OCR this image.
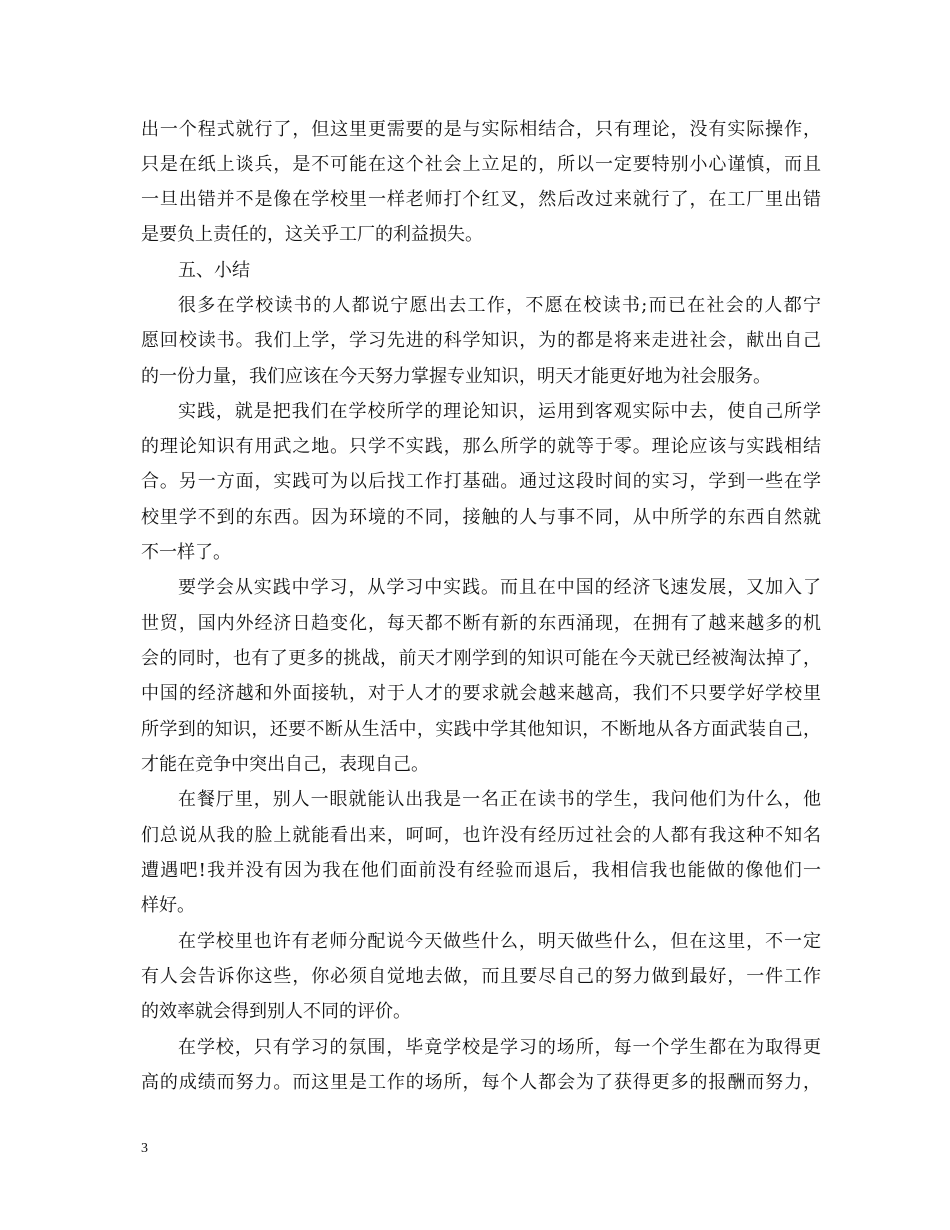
出一个程式就行了，但这里更需要的是与实际相结合，只有理论，没有实际操作，
只是在纸上谈兵，是不可能在这个社会上立足的，所以一定要特别小心谨慎，而且
一旦出错并不是像在学校里一样老师打个红叉，然后改过来就行了，在工厂里出错
是要负上责任的，这关乎工厂的利益损失。
五、小结
很多在学校读书的人都说宁愿出去工作，不愿在校读书;而已在社会的人都宁
愿回校读书。我们上学，学习先进的科学知识，为的都是将来走进社会，献出自己
的一份力量，我们应该在今天努力掌握专业知识，明天才能更好地为社会服务。
实践，就是把我们在学校所学的理论知识，运用到客观实际中去，使自己所学
的理论知识有用武之地。只学不实践，那么所学的就等于零。理论应该与实践相结
合。另一方面，实践可为以后找工作打基础。通过这段时间的实习，学到一些在学
校里学不到的东西。因为环境的不同，接触的人与事不同，从中所学的东西自然就
不一样了。
要学会从实践中学习，从学习中实践。而且在中国的经济飞速发展，又加入了
世贸，国内外经济日趋变化，每天都不断有新的东西涌现，在拥有了越来越多的机
会的同时，也有了更多的挑战，前天才刚学到的知识可能在今天就已经被淘汰掉了，
中国的经济越和外面接轨，对于人才的要求就会越来越高，我们不只要学好学校里
所学到的知识，还要不断从生活中，实践中学其他知识，不断地从各方面武装自己，
才能在竞争中突出自己，表现自己。
在餐厅里，别人一眼就能认出我是一名正在读书的学生，我问他们为什么，他
们总说从我的脸上就能看出来，呵呵，也许没有经历过社会的人都有我这种不知名
遭遇吧!我并没有因为我在他们面前没有经验而退后，我相信我也能做的像他们一
样好。
在学校里也许有老师分配说今天做些什么，明天做些什么，但在这里，不一定
有人会告诉你这些，你必须自觉地去做，而且要尽自己的努力做到最好，一件工作
的效率就会得到别人不同的评价。
在学校，只有学习的氛围，毕竟学校是学习的场所，每一个学生都在为取得更
高的成绩而努力。而这里是工作的场所，每个人都会为了获得更多的报酬而努力，
3
